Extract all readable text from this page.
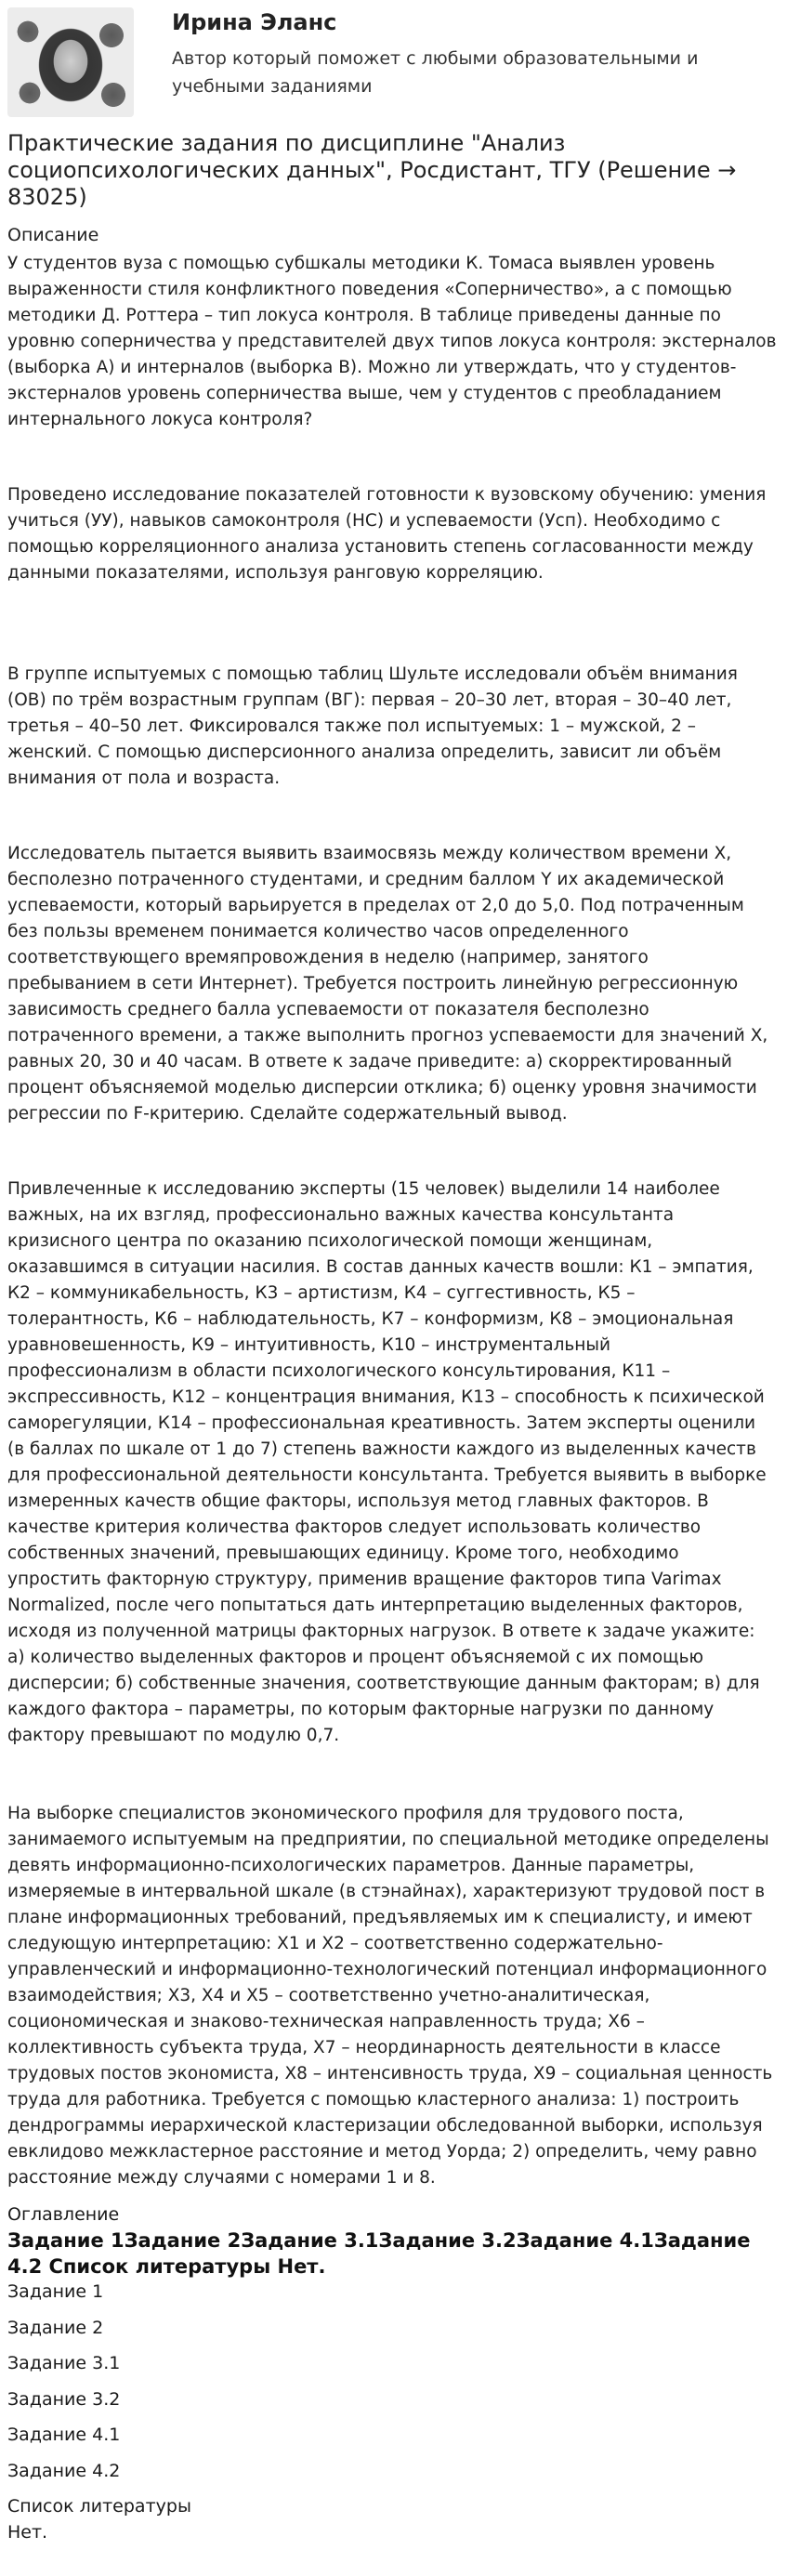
Ирина Эланс
Автор который поможет с любыми образовательными и учебными заданиями
Практические задания по дисциплине "Анализ социопсихологических данных", Росдистант, ТГУ (Решение → 83025)
Описание

У студентов вуза с помощью субшкалы методики К. Томаса выявлен уровень выраженности стиля конфликтного поведения «Соперничество», а с помощью методики Д. Роттера – тип локуса контроля. В таблице приведены данные по уровню соперничества у представителей двух типов локуса контроля: экстерналов (выборка А) и интерналов (выборка В). Можно ли утверждать, что у студентов-экстерналов уровень соперничества выше, чем у студентов с преобладанием интернального локуса контроля?

Проведено исследование показателей готовности к вузовскому обучению: умения учиться (УУ), навыков самоконтроля (НС) и успеваемости (Усп). Необходимо с помощью корреляционного анализа установить степень согласованности между данными показателями, используя ранговую корреляцию.

В группе испытуемых с помощью таблиц Шульте исследовали объём внимания (ОВ) по трём возрастным группам (ВГ): первая – 20–30 лет, вторая – 30–40 лет, третья – 40–50 лет. Фиксировался также пол испытуемых: 1 – мужской, 2 – женский. С помощью дисперсионного анализа определить, зависит ли объём внимания от пола и возраста.

Исследователь пытается выявить взаимосвязь между количеством времени X, бесполезно потраченного студентами, и средним баллом Y их академической успеваемости, который варьируется в пределах от 2,0 до 5,0. Под потраченным без пользы временем понимается количество часов определенного соответствующего времяпровождения в неделю (например, занятого пребыванием в сети Интернет). Требуется построить линейную регрессионную зависимость среднего балла успеваемости от показателя бесполезно потраченного времени, а также выполнить прогноз успеваемости для значений X, равных 20, 30 и 40 часам. В ответе к задаче приведите: а) скорректированный процент объясняемой моделью дисперсии отклика; б) оценку уровня значимости регрессии по F-критерию. Сделайте содержательный вывод.

Привлеченные к исследованию эксперты (15 человек) выделили 14 наиболее важных, на их взгляд, профессионально важных качества консультанта кризисного центра по оказанию психологической помощи женщинам, оказавшимся в ситуации насилия. В состав данных качеств вошли: К1 – эмпатия, К2 – коммуникабельность, К3 – артистизм, К4 – суггестивность, К5 – толерантность, К6 – наблюдательность, К7 – конформизм, К8 – эмоциональная уравновешенность, К9 – интуитивность, К10 – инструментальный профессионализм в области психологического консультирования, К11 – экспрессивность, К12 – концентрация внимания, К13 – способность к психической саморегуляции, К14 – профессиональная креативность. Затем эксперты оценили (в баллах по шкале от 1 до 7) степень важности каждого из выделенных качеств для профессиональной деятельности консультанта. Требуется выявить в выборке измеренных качеств общие факторы, используя метод главных факторов. В качестве критерия количества факторов следует использовать количество собственных значений, превышающих единицу. Кроме того, необходимо упростить факторную структуру, применив вращение факторов типа Varimax Normalized, после чего попытаться дать интерпретацию выделенных факторов, исходя из полученной матрицы факторных нагрузок. В ответе к задаче укажите: а) количество выделенных факторов и процент объясняемой с их помощью дисперсии; б) собственные значения, соответствующие данным факторам; в) для каждого фактора – параметры, по которым факторные нагрузки по данному фактору превышают по модулю 0,7.

На выборке специалистов экономического профиля для трудового поста, занимаемого испытуемым на предприятии, по специальной методике определены девять информационно-психологических параметров. Данные параметры, измеряемые в интервальной шкале (в стэнайнах), характеризуют трудовой пост в плане информационных требований, предъявляемых им к специалисту, и имеют следующую интерпретацию: X1 и X2 – соответственно содержательно-управленческий и информационно-технологический потенциал информационного взаимодействия; X3, X4 и X5 – соответственно учетно-аналитическая, социономическая и знаково-техническая направленность труда; X6 – коллективность субъекта труда, X7 – неординарность деятельности в классе трудовых постов экономиста, X8 – интенсивность труда, X9 – социальная ценность труда для работника. Требуется с помощью кластерного анализа: 1) построить дендрограммы иерархической кластеризации обследованной выборки, используя евклидово межкластерное расстояние и метод Уорда; 2) определить, чему равно расстояние между случаями с номерами 1 и 8.

Оглавление
Задание 1Задание 2Задание 3.1Задание 3.2Задание 4.1Задание 4.2 Список литературы Нет.
Задание 1
Задание 2
Задание 3.1
Задание 3.2
Задание 4.1
Задание 4.2
Список литературы
Нет.
